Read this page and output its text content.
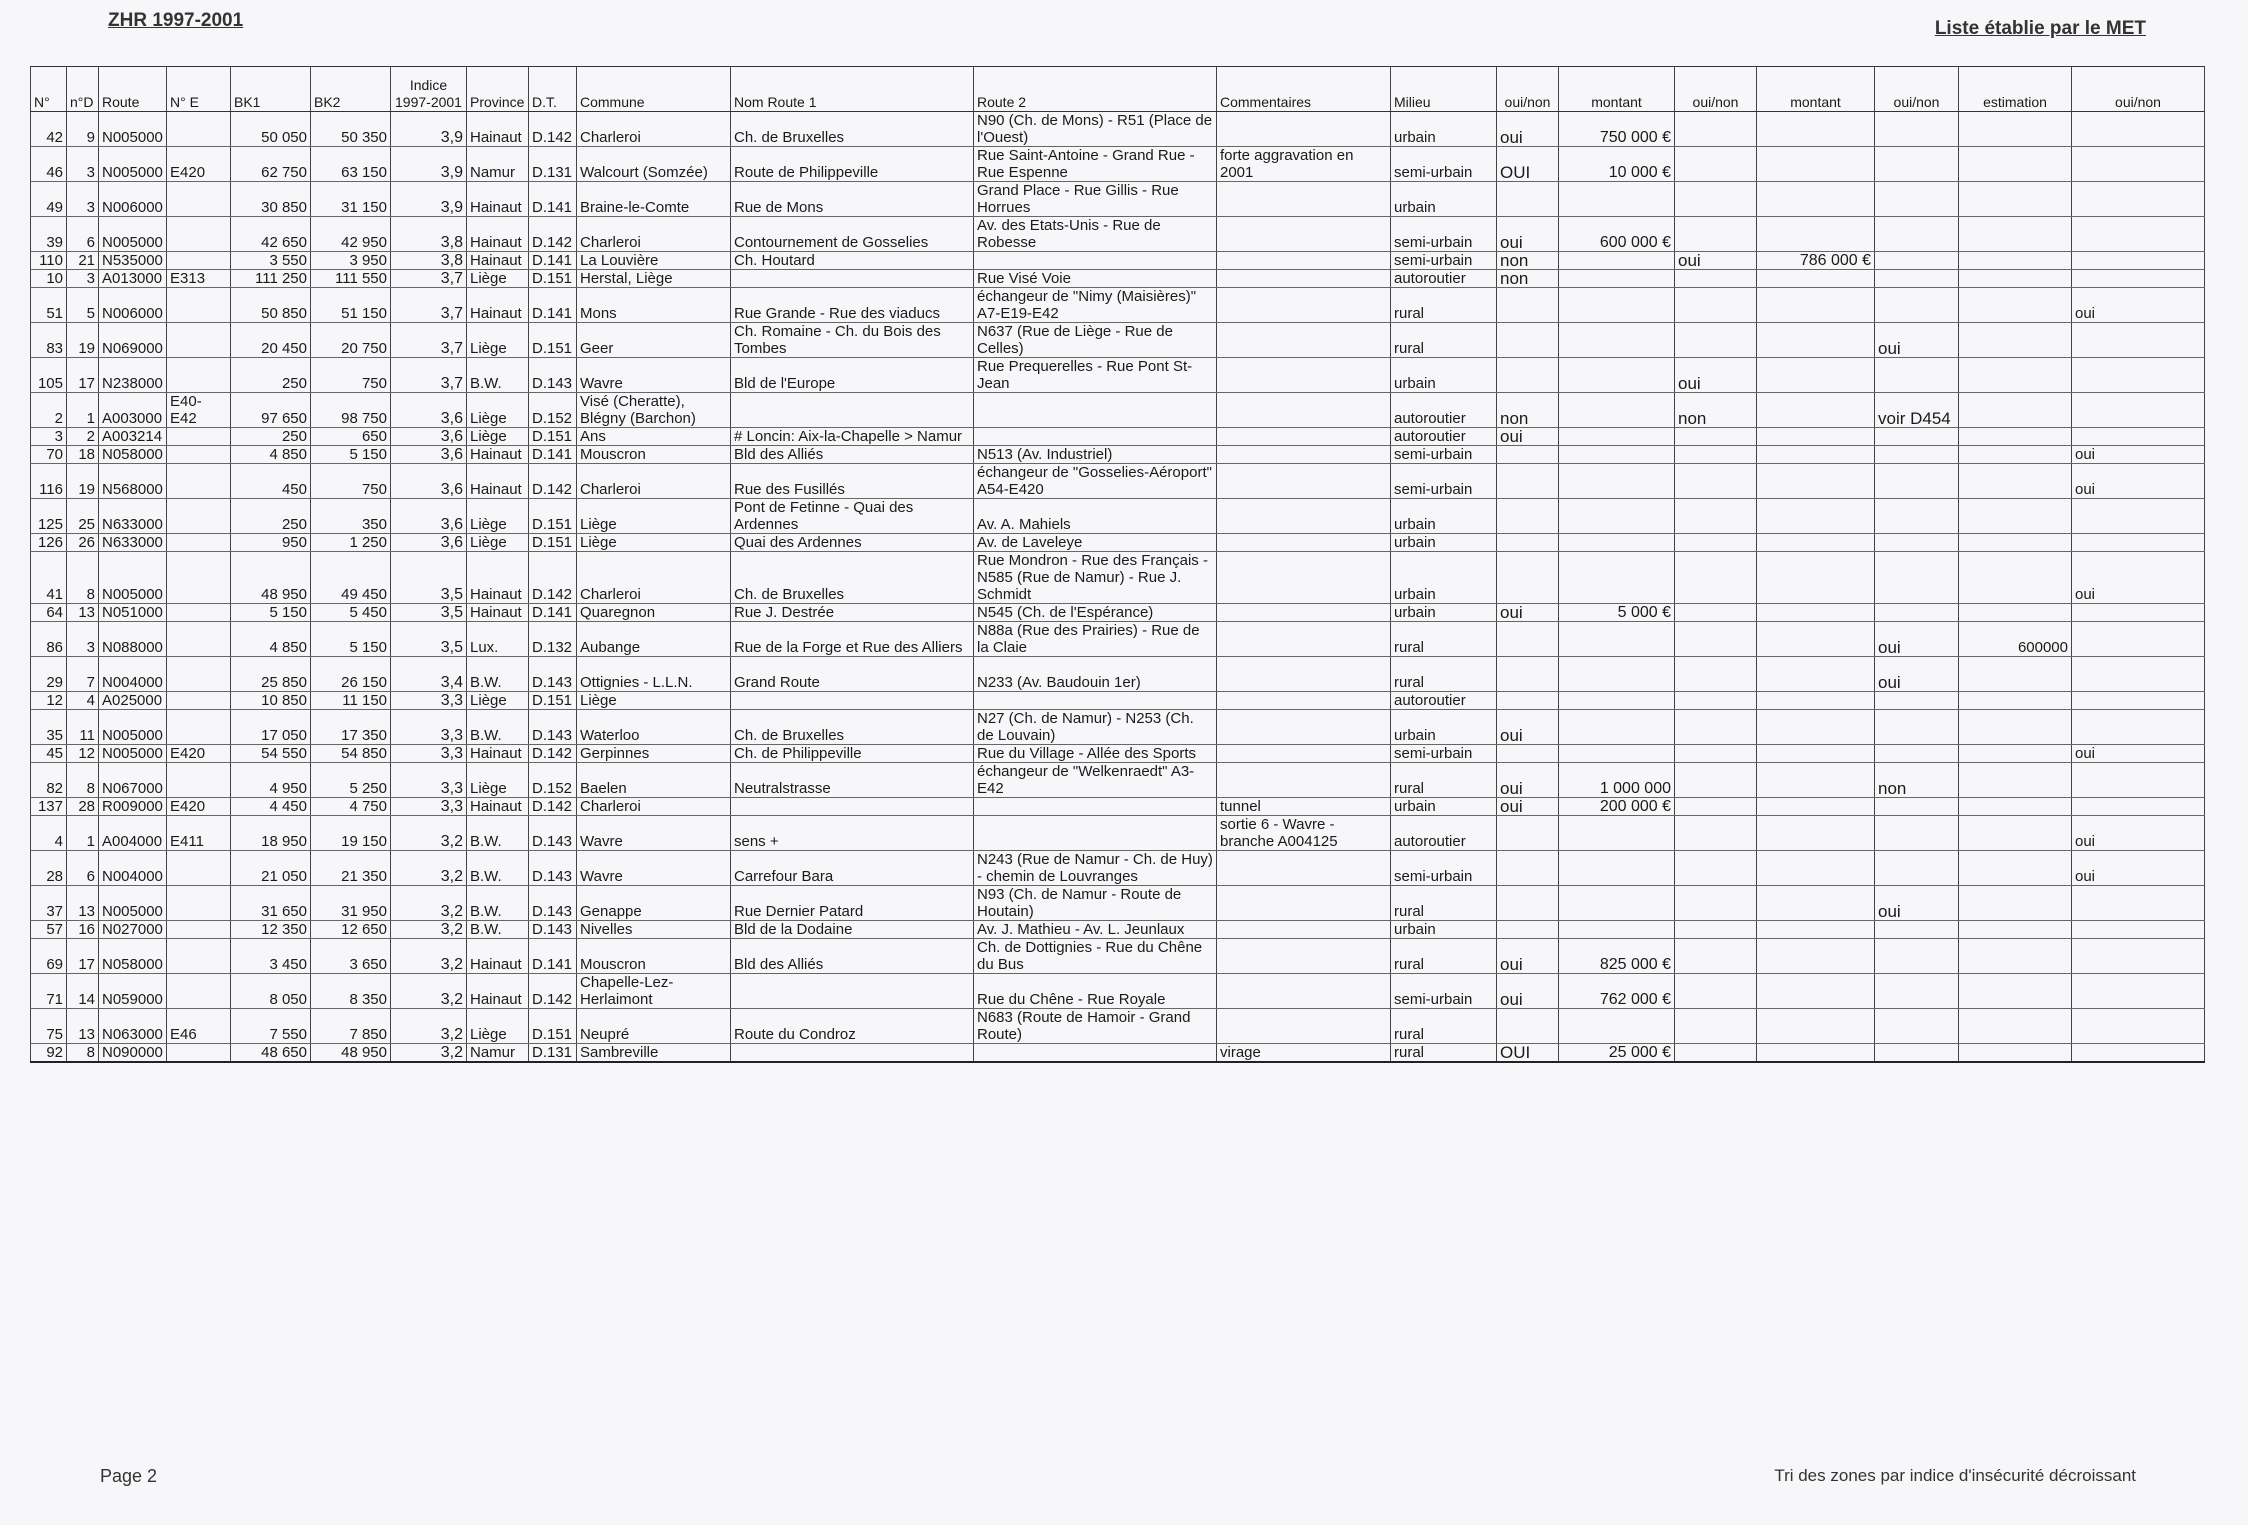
ZHR 1997-2001	Liste établie par le MET
N°	n°D	Route	N° E	BK1	BK2	Indice 1997-2001	Province	D.T.	Commune	Nom Route 1	Route 2	Commentaires	Milieu	oui/non	montant	oui/non	montant	oui/non	estimation	oui/non
42	9	N005000		50 050	50 350	3,9	Hainaut	D.142	Charleroi	Ch. de Bruxelles	N90 (Ch. de Mons) - R51 (Place de l'Ouest)		urbain	oui	750 000 €					
46	3	N005000	E420	62 750	63 150	3,9	Namur	D.131	Walcourt (Somzée)	Route de Philippeville	Rue Saint-Antoine - Grand Rue - Rue Espenne	forte aggravation en 2001	semi-urbain	OUI	10 000 €					
49	3	N006000		30 850	31 150	3,9	Hainaut	D.141	Braine-le-Comte	Rue de Mons	Grand Place - Rue Gillis - Rue Horrues		urbain							
39	6	N005000		42 650	42 950	3,8	Hainaut	D.142	Charleroi	Contournement de Gosselies	Av. des Etats-Unis - Rue de Robesse		semi-urbain	oui	600 000 €					
110	21	N535000		3 550	3 950	3,8	Hainaut	D.141	La Louvière	Ch. Houtard			semi-urbain	non		oui	786 000 €			
10	3	A013000	E313	111 250	111 550	3,7	Liège	D.151	Herstal, Liège		Rue Visé Voie		autoroutier	non						
51	5	N006000		50 850	51 150	3,7	Hainaut	D.141	Mons	Rue Grande - Rue des viaducs	échangeur de "Nimy (Maisières)" A7-E19-E42		rural							oui
83	19	N069000		20 450	20 750	3,7	Liège	D.151	Geer	Ch. Romaine - Ch. du Bois des Tombes	N637 (Rue de Liège - Rue de Celles)		rural					oui		
105	17	N238000		250	750	3,7	B.W.	D.143	Wavre	Bld de l'Europe	Rue Prequerelles - Rue Pont St-Jean		urbain			oui				
2	1	A003000	E40-E42	97 650	98 750	3,6	Liège	D.152	Visé (Cheratte), Blégny (Barchon)				autoroutier	non		non		voir D454		
3	2	A003214		250	650	3,6	Liège	D.151	Ans	# Loncin: Aix-la-Chapelle > Namur			autoroutier	oui						
70	18	N058000		4 850	5 150	3,6	Hainaut	D.141	Mouscron	Bld des Alliés	N513 (Av. Industriel)		semi-urbain							oui
116	19	N568000		450	750	3,6	Hainaut	D.142	Charleroi	Rue des Fusillés	échangeur de "Gosselies-Aéroport" A54-E420		semi-urbain							oui
125	25	N633000		250	350	3,6	Liège	D.151	Liège	Pont de Fetinne - Quai des Ardennes	Av. A. Mahiels		urbain							
126	26	N633000		950	1 250	3,6	Liège	D.151	Liège	Quai des Ardennes	Av. de Laveleye		urbain							
41	8	N005000		48 950	49 450	3,5	Hainaut	D.142	Charleroi	Ch. de Bruxelles	Rue Mondron - Rue des Français - N585 (Rue de Namur) - Rue J. Schmidt		urbain							oui
64	13	N051000		5 150	5 450	3,5	Hainaut	D.141	Quaregnon	Rue J. Destrée	N545 (Ch. de l'Espérance)		urbain	oui	5 000 €					
86	3	N088000		4 850	5 150	3,5	Lux.	D.132	Aubange	Rue de la Forge et Rue des Alliers	N88a (Rue des Prairies) - Rue de la Claie		rural					oui	600000	
29	7	N004000		25 850	26 150	3,4	B.W.	D.143	Ottignies - L.L.N.	Grand Route	N233 (Av. Baudouin 1er)		rural					oui		
12	4	A025000		10 850	11 150	3,3	Liège	D.151	Liège				autoroutier							
35	11	N005000		17 050	17 350	3,3	B.W.	D.143	Waterloo	Ch. de Bruxelles	N27 (Ch. de Namur) - N253 (Ch. de Louvain)		urbain	oui						
45	12	N005000	E420	54 550	54 850	3,3	Hainaut	D.142	Gerpinnes	Ch. de Philippeville	Rue du Village - Allée des Sports		semi-urbain							oui
82	8	N067000		4 950	5 250	3,3	Liège	D.152	Baelen	Neutralstrasse	échangeur de "Welkenraedt" A3-E42		rural	oui	1 000 000			non		
137	28	R009000	E420	4 450	4 750	3,3	Hainaut	D.142	Charleroi			tunnel	urbain	oui	200 000 €					
4	1	A004000	E411	18 950	19 150	3,2	B.W.	D.143	Wavre	sens +		sortie 6 - Wavre - branche A004125	autoroutier							oui
28	6	N004000		21 050	21 350	3,2	B.W.	D.143	Wavre	Carrefour Bara	N243 (Rue de Namur - Ch. de Huy) - chemin de Louvranges		semi-urbain							oui
37	13	N005000		31 650	31 950	3,2	B.W.	D.143	Genappe	Rue Dernier Patard	N93 (Ch. de Namur - Route de Houtain)		rural					oui		
57	16	N027000		12 350	12 650	3,2	B.W.	D.143	Nivelles	Bld de la Dodaine	Av. J. Mathieu - Av. L. Jeunlaux		urbain							
69	17	N058000		3 450	3 650	3,2	Hainaut	D.141	Mouscron	Bld des Alliés	Ch. de Dottignies - Rue du Chêne du Bus		rural	oui	825 000 €					
71	14	N059000		8 050	8 350	3,2	Hainaut	D.142	Chapelle-Lez-Herlaimont		Rue du Chêne - Rue Royale		semi-urbain	oui	762 000 €					
75	13	N063000	E46	7 550	7 850	3,2	Liège	D.151	Neupré	Route du Condroz	N683 (Route de Hamoir - Grand Route)		rural							
92	8	N090000		48 650	48 950	3,2	Namur	D.131	Sambreville			virage	rural	OUI	25 000 €					
Page 2	Tri des zones par indice d'insécurité décroissant
